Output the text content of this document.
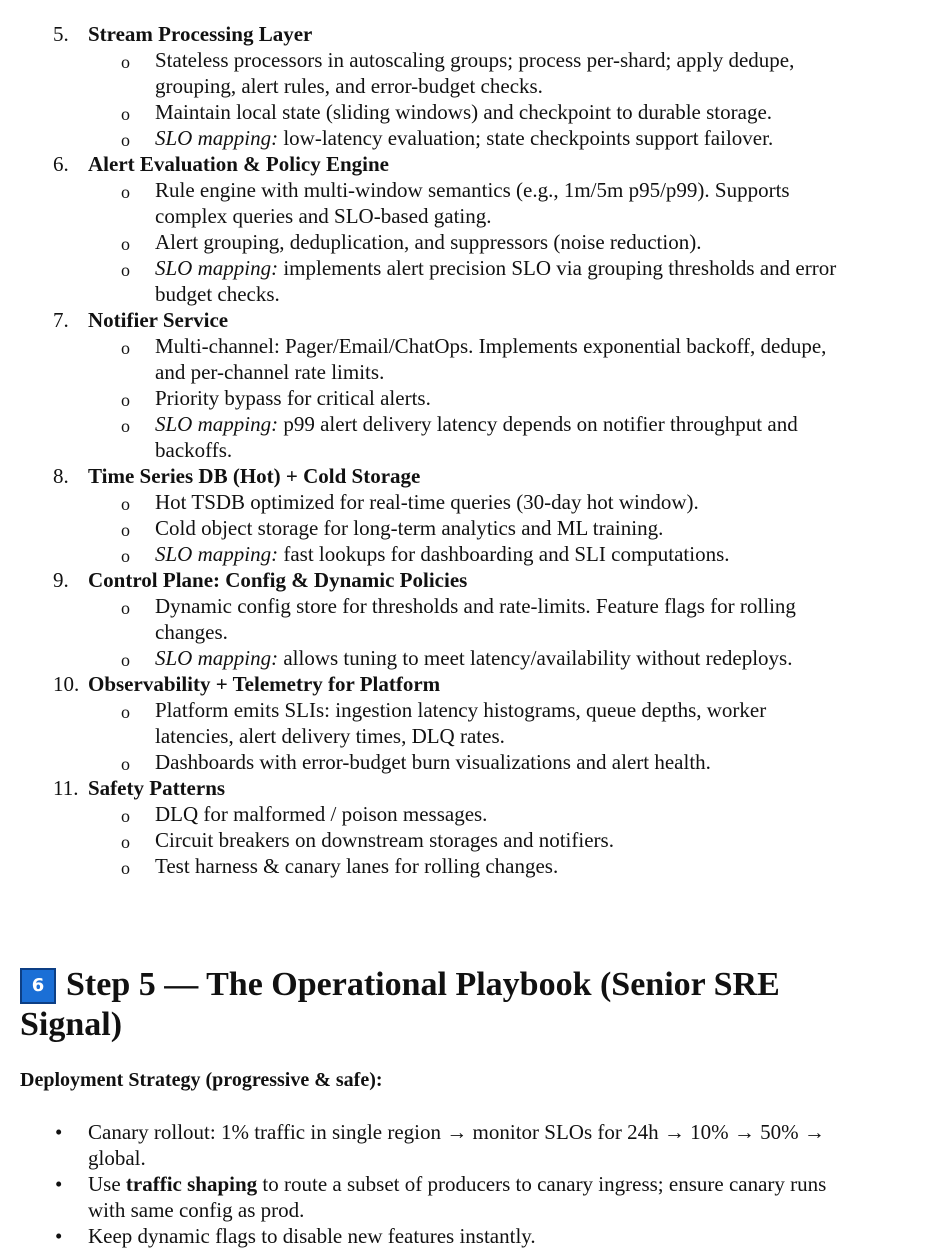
5. Stream Processing Layer
o Stateless processors in autoscaling groups; process per-shard; apply dedupe, grouping, alert rules, and error-budget checks.
o Maintain local state (sliding windows) and checkpoint to durable storage.
o SLO mapping: low-latency evaluation; state checkpoints support failover.
6. Alert Evaluation & Policy Engine
o Rule engine with multi-window semantics (e.g., 1m/5m p95/p99). Supports complex queries and SLO-based gating.
o Alert grouping, deduplication, and suppressors (noise reduction).
o SLO mapping: implements alert precision SLO via grouping thresholds and error budget checks.
7. Notifier Service
o Multi-channel: Pager/Email/ChatOps. Implements exponential backoff, dedupe, and per-channel rate limits.
o Priority bypass for critical alerts.
o SLO mapping: p99 alert delivery latency depends on notifier throughput and backoffs.
8. Time Series DB (Hot) + Cold Storage
o Hot TSDB optimized for real-time queries (30-day hot window).
o Cold object storage for long-term analytics and ML training.
o SLO mapping: fast lookups for dashboarding and SLI computations.
9. Control Plane: Config & Dynamic Policies
o Dynamic config store for thresholds and rate-limits. Feature flags for rolling changes.
o SLO mapping: allows tuning to meet latency/availability without redeploys.
10. Observability + Telemetry for Platform
o Platform emits SLIs: ingestion latency histograms, queue depths, worker latencies, alert delivery times, DLQ rates.
o Dashboards with error-budget burn visualizations and alert health.
11. Safety Patterns
o DLQ for malformed / poison messages.
o Circuit breakers on downstream storages and notifiers.
o Test harness & canary lanes for rolling changes.
6 Step 5 — The Operational Playbook (Senior SRE Signal)
Deployment Strategy (progressive & safe):
• Canary rollout: 1% traffic in single region → monitor SLOs for 24h → 10% → 50% → global.
• Use traffic shaping to route a subset of producers to canary ingress; ensure canary runs with same config as prod.
• Keep dynamic flags to disable new features instantly.
